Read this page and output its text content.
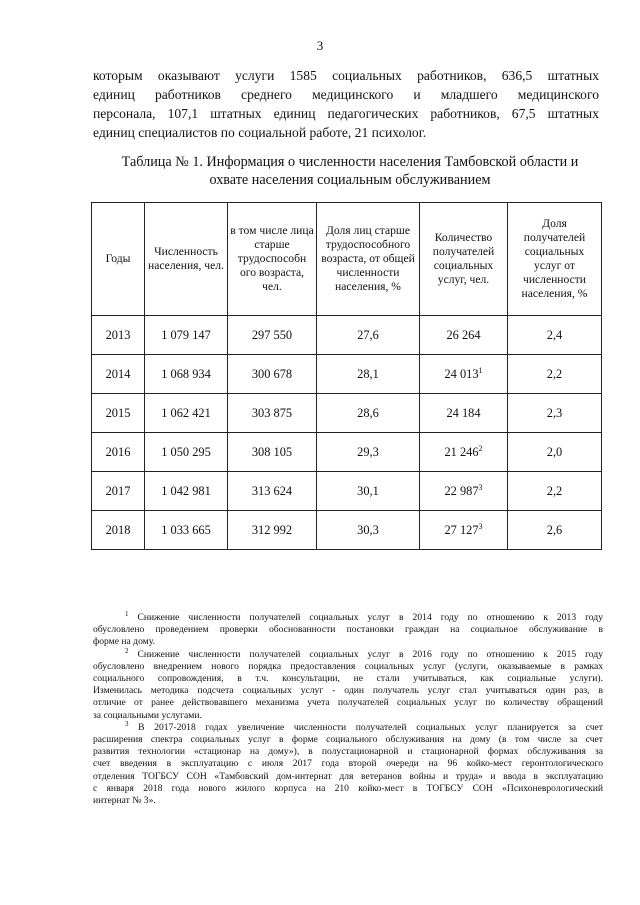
3
которым оказывают услуги 1585 социальных работников, 636,5 штатных
единиц работников среднего медицинского и младшего медицинского
персонала, 107,1 штатных единиц педагогических работников, 67,5 штатных
единиц специалистов по социальной работе, 21 психолог.
Таблица № 1. Информация о численности населения Тамбовской области и
охвате населения социальным обслуживанием
Годы	Численность населения, чел.	в том числе лица старше трудоспособн ого возраста, чел.	Доля лиц старше трудоспособного возраста, от общей численности населения, %	Количество получателей социальных услуг, чел.	Доля получателей социальных услуг от численности населения, %
2013	1 079 147	297 550	27,6	26 264	2,4
2014	1 068 934	300 678	28,1	24 $013^1$	2,2
2015	1 062 421	303 875	28,6	24 184	2,3
2016	1 050 295	308 105	29,3	21 $246^2$	2,0
2017	1 042 981	313 624	30,1	22 $987^3$	2,2
2018	1 033 665	312 992	30,3	27 $127^3$	2,6
$^1$ Снижение численности получателей социальных услуг в 2014 году по отношению к 2013 году
обусловлено проведением проверки обоснованности постановки граждан на социальное обслуживание в
форме на дому.
$^2$ Снижение численности получателей социальных услуг в 2016 году по отношению к 2015 году
обусловлено внедрением нового порядка предоставления социальных услуг (услуги, оказываемые в рамках
социального сопровождения, в т.ч. консультации, не стали учитываться, как социальные услуги).
Изменилась методика подсчета социальных услуг - один получатель услуг стал учитываться один раз, в
отличие от ранее действовавшего механизма учета получателей социальных услуг по количеству обращений
за социальными услугами.
$^3$ В 2017-2018 годах увеличение численности получателей социальных услуг планируется за счет
расширения спектра социальных услуг в форме социального обслуживания на дому (в том числе за счет
развития технологии «стационар на дому»), в полустационарной и стационарной формах обслуживания за
счет введения в эксплуатацию с июля 2017 года второй очереди на 96 койко-мест геронтологического
отделения ТОГБСУ СОН «Тамбовский дом-интернат для ветеранов войны и труда» и ввода в эксплуатацию
с января 2018 года нового жилого корпуса на 210 койко-мест в ТОГБСУ СОН «Психоневрологический
интернат № 3».
